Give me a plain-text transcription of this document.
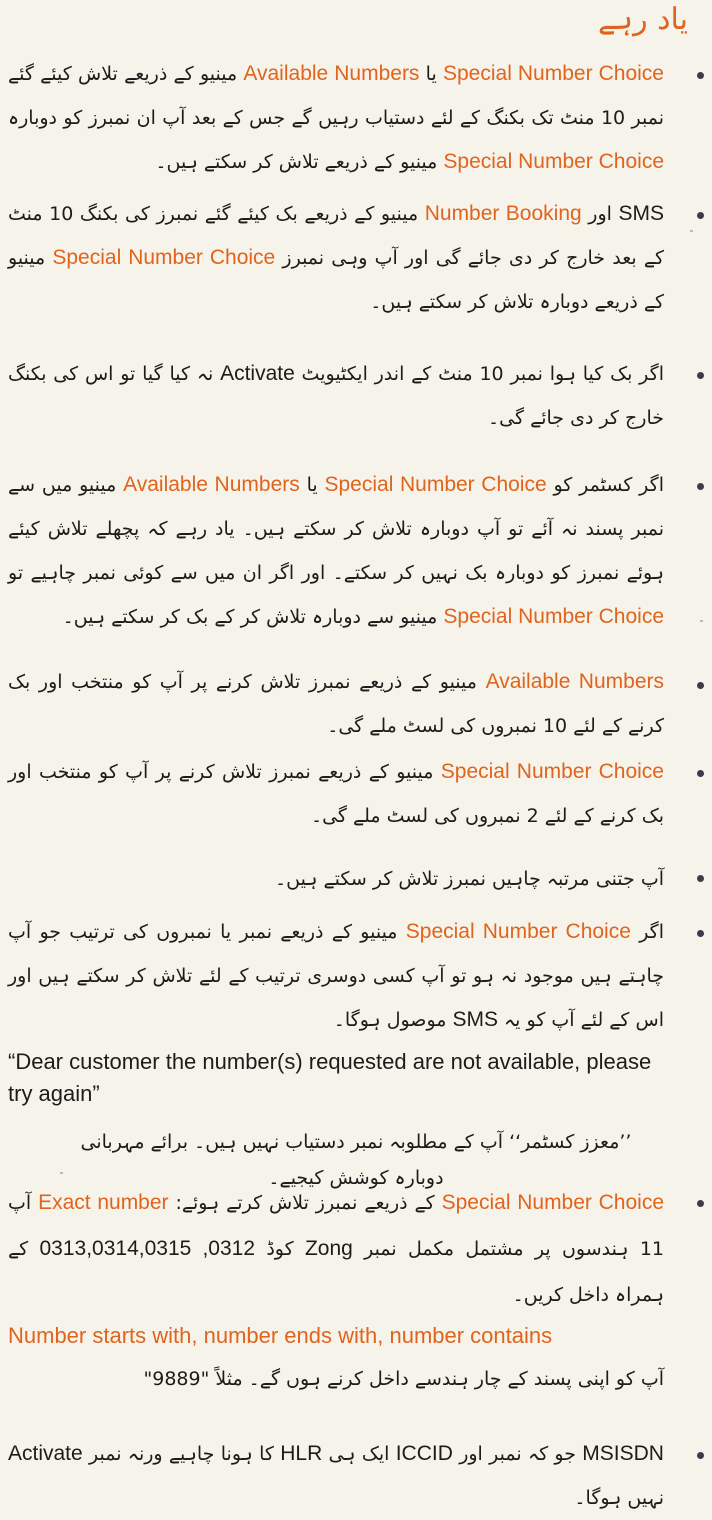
یاد رہے
Special Number Choice یا Available Numbers مینیو کے ذریعے تلاش کیئے گئے نمبر 10 منٹ تک بکنگ کے لئے دستیاب رہیں گے جس کے بعد آپ ان نمبرز کو دوبارہ Special Number Choice مینیو کے ذریعے تلاش کر سکتے ہیں۔
SMS اور Number Booking مینیو کے ذریعے بک کیئے گئے نمبرز کی بکنگ 10 منٹ کے بعد خارج کر دی جائے گی اور آپ وہی نمبرز Special Number Choice مینیو کے ذریعے دوبارہ تلاش کر سکتے ہیں۔
اگر بک کیا ہوا نمبر 10 منٹ کے اندر ایکٹیویٹ Activate نہ کیا گیا تو اس کی بکنگ خارج کر دی جائے گی۔
اگر کسٹمر کو Special Number Choice یا Available Numbers مینیو میں سے نمبر پسند نہ آئے تو آپ دوبارہ تلاش کر سکتے ہیں۔ یاد رہے کہ پچھلے تلاش کیئے ہوئے نمبرز کو دوبارہ بک نہیں کر سکتے۔ اور اگر ان میں سے کوئی نمبر چاہیے تو Special Number Choice مینیو سے دوبارہ تلاش کر کے بک کر سکتے ہیں۔
Available Numbers مینیو کے ذریعے نمبرز تلاش کرنے پر آپ کو منتخب اور بک کرنے کے لئے 10 نمبروں کی لسٹ ملے گی۔
Special Number Choice مینیو کے ذریعے نمبرز تلاش کرنے پر آپ کو منتخب اور بک کرنے کے لئے 2 نمبروں کی لسٹ ملے گی۔
آپ جتنی مرتبہ چاہیں نمبرز تلاش کر سکتے ہیں۔
اگر Special Number Choice مینیو کے ذریعے نمبر یا نمبروں کی ترتیب جو آپ چاہتے ہیں موجود نہ ہو تو آپ کسی دوسری ترتیب کے لئے تلاش کر سکتے ہیں اور اس کے لئے آپ کو یہ SMS موصول ہوگا۔
“Dear customer the number(s) requested are not available, please try again”
’’معزز کسٹمر‘‘ آپ کے مطلوبہ نمبر دستیاب نہیں ہیں۔ برائے مہربانی دوبارہ کوشش کیجیے۔
Special Number Choice کے ذریعے نمبرز تلاش کرتے ہوئے: Exact number آپ 11 ہندسوں پر مشتمل مکمل نمبر Zong کوڈ 0312, 0313,0314,0315 کے ہمراہ داخل کریں۔
Number starts with, number ends with, number contains
آپ کو اپنی پسند کے چار ہندسے داخل کرنے ہوں گے۔ مثلاً "9889"
MSISDN جو کہ نمبر اور ICCID ایک ہی HLR کا ہونا چاہیے ورنہ نمبر Activate نہیں ہوگا۔
